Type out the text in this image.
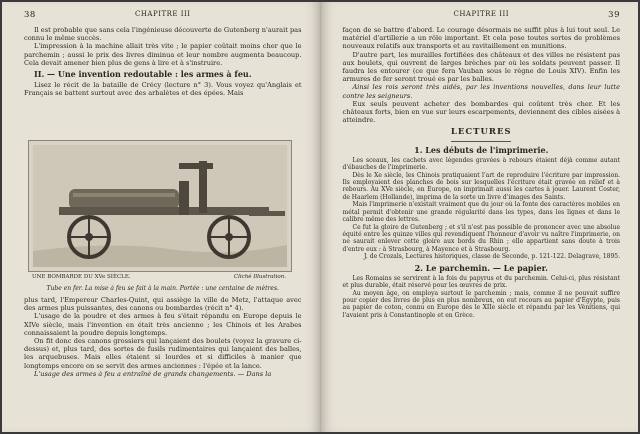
38	CHAPITRE III

Il est probable que sans cela l'ingénieuse découverte de Gutenberg n'aurait pas connu le même succès.

L'impression à la machine allait très vite ; le papier coûtait moins cher que le parchemin ; aussi le prix des livres diminua et leur nombre augmenta beaucoup. Cela devait amener bien plus de gens à lire et à s'instruire.

II. — Une invention redoutable : les armes à feu.

Lisez le récit de la bataille de Crécy (lecture n° 3). Vous voyez qu'Anglais et Français se battent surtout avec des arbalètes et des épées. Mais

UNE BOMBARDE DU XVe SIÈCLE.	Cliché Illustration.
Tube en fer. La mise à feu se fait à la main. Portée : une centaine de mètres.

plus tard, l'Empereur Charles-Quint, qui assiège la ville de Metz, l'attaque avec des armes plus puissantes, des canons ou bombardes (récit n° 4).

L'usage de la poudre et des armes à feu s'était répandu en Europe depuis le XIVe siècle, mais l'invention en était très ancienne ; les Chinois et les Arabes connaissaient la poudre depuis longtemps.

On fit donc des canons grossiers qui lançaient des boulets (voyez la gravure ci-dessus) et, plus tard, des sortes de fusils rudimentaires qui lançaient des balles, les arquebuses. Mais elles étaient si lourdes et si difficiles à manier que longtemps encore on se servit des armes anciennes : l'épée et la lance.

L'usage des armes à feu a entraîné de grands changements. — Dans la

CHAPITRE III	39

façon de se battre d'abord. Le courage désormais ne suffit plus à lui tout seul. Le matériel d'artillerie a un rôle important. Et cela pose toutes sortes de problèmes nouveaux relatifs aux transports et au ravitaillement en munitions.

D'autre part, les murailles fortifiées des châteaux et des villes ne résistent pas aux boulets, qui ouvrent de larges brèches par où les soldats peuvent passer. Il faudra les entourer (ce que fera Vauban sous le règne de Louis XIV). Enfin les armures de fer seront troué es par les balles.

Ainsi les rois seront très aidés, par les inventions nouvelles, dans leur lutte contre les seigneurs.

Eux seuls peuvent acheter des bombardes qui coûtent très cher. Et les châteaux forts, bien en vue sur leurs escarpements, deviennent des cibles aisées à atteindre.

LECTURES
1. Les débuts de l'imprimerie.

Les sceaux, les cachets avec légendes gravées à rebours étaient déjà comme autant d'ébauches de l'imprimerie.

Dès le Xe siècle, les Chinois pratiquaient l'art de reproduire l'écriture par impression. Ils employaient des planches de bois sur lesquelles l'écriture était gravée en relief et à rebours. Au XVe siècle, en Europe, on imprimait aussi les cartes à jouer. Laurent Coster, de Haarlem (Hollande), imprima de la sorte un livre d'images des Saints.

Mais l'imprimerie n'existait vraiment que du jour où la fonte des caractères mobiles en métal permit d'obtenir une grande régularité dans les types, dans les lignes et dans le calibre même des lettres.

Ce fut la gloire de Gutenberg ; et s'il n'est pas possible de prononcer avec une absolue équité entre les quinze villes qui revendiquent l'honneur d'avoir vu naître l'imprimerie, on ne saurait enlever cette gloire aux bords du Rhin ; elle appartient sans doute à trois d'entre eux : à Strasbourg, à Mayence et à Strasbourg.

J. de Crozals, Lectures historiques, classe de Seconde, p. 121-122. Delagrave, 1895.

2. Le parchemin. — Le papier.

Les Romains se servirent à la fois du papyrus et du parchemin. Celui-ci, plus résistant et plus durable, était réservé pour les œuvres de prix.

Au moyen âge, on employa surtout le parchemin ; mais, comme il ne pouvait suffire pour copier des livres de plus en plus nombreux, on eut recours au papier d'Égypte, puis au papier de coton, connu en Europe dès le XIIe siècle et répandu par les Vénitiens, qui l'avaient pris à Constantinople et en Grèce.
